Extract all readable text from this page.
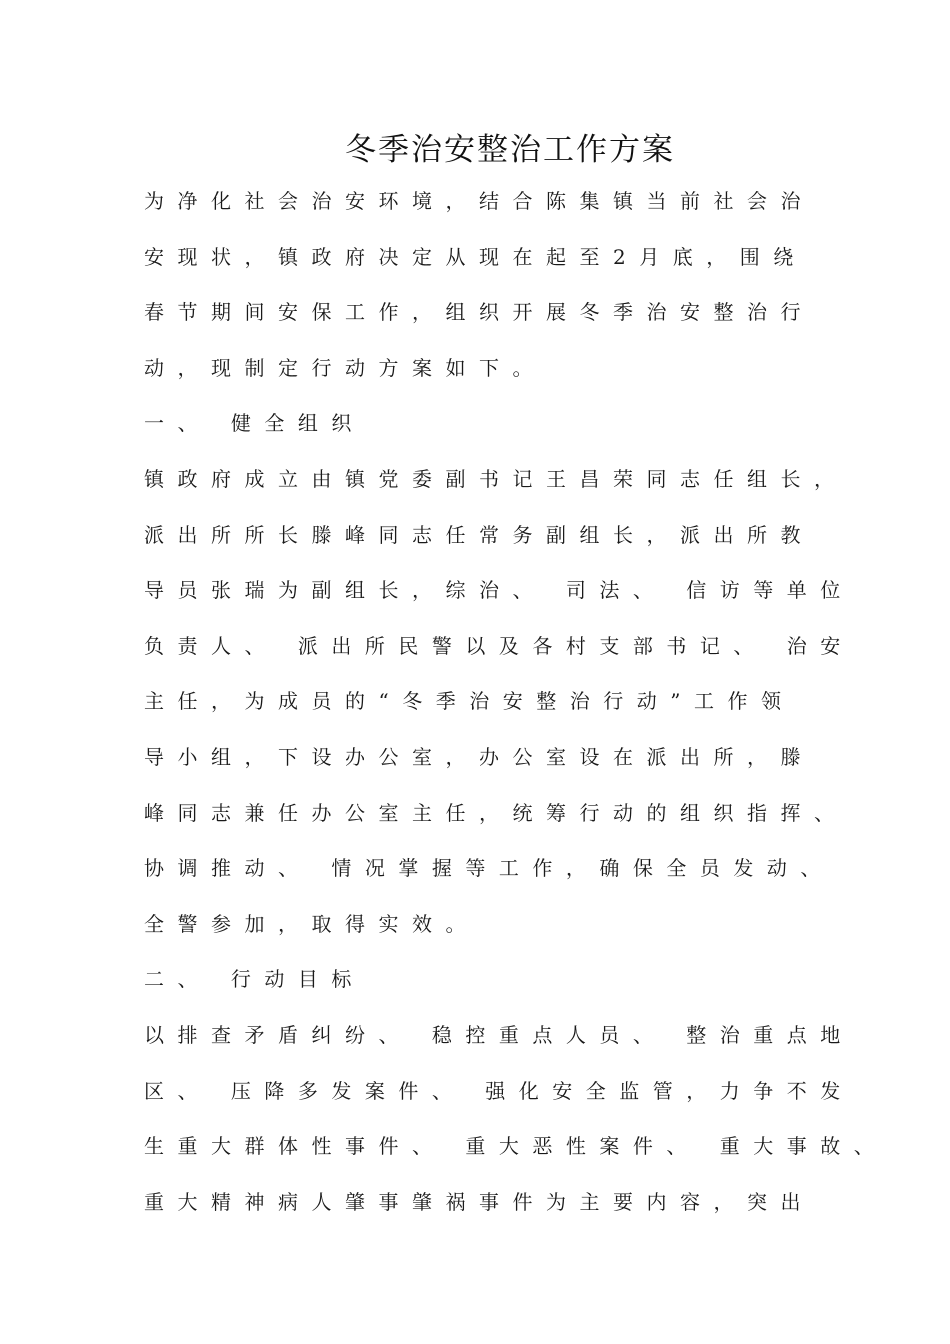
冬季治安整治工作方案
为净化社会治安环境，结合陈集镇当前社会治
安现状，镇政府决定从现在起至2月底，围绕
春节期间安保工作，组织开展冬季治安整治行
动，现制定行动方案如下。
一、 健全组织
镇政府成立由镇党委副书记王昌荣同志任组长，
派出所所长滕峰同志任常务副组长，派出所教
导员张瑞为副组长，综治、 司法、 信访等单位
负责人、 派出所民警以及各村支部书记、 治安
主任，为成员的“冬季治安整治行动”工作领
导小组，下设办公室，办公室设在派出所，滕
峰同志兼任办公室主任，统筹行动的组织指挥、
协调推动、 情况掌握等工作，确保全员发动、
全警参加，取得实效。
二、 行动目标
以排查矛盾纠纷、 稳控重点人员、 整治重点地
区、 压降多发案件、 强化安全监管，力争不发
生重大群体性事件、 重大恶性案件、 重大事故、
重大精神病人肇事肇祸事件为主要内容，突出
